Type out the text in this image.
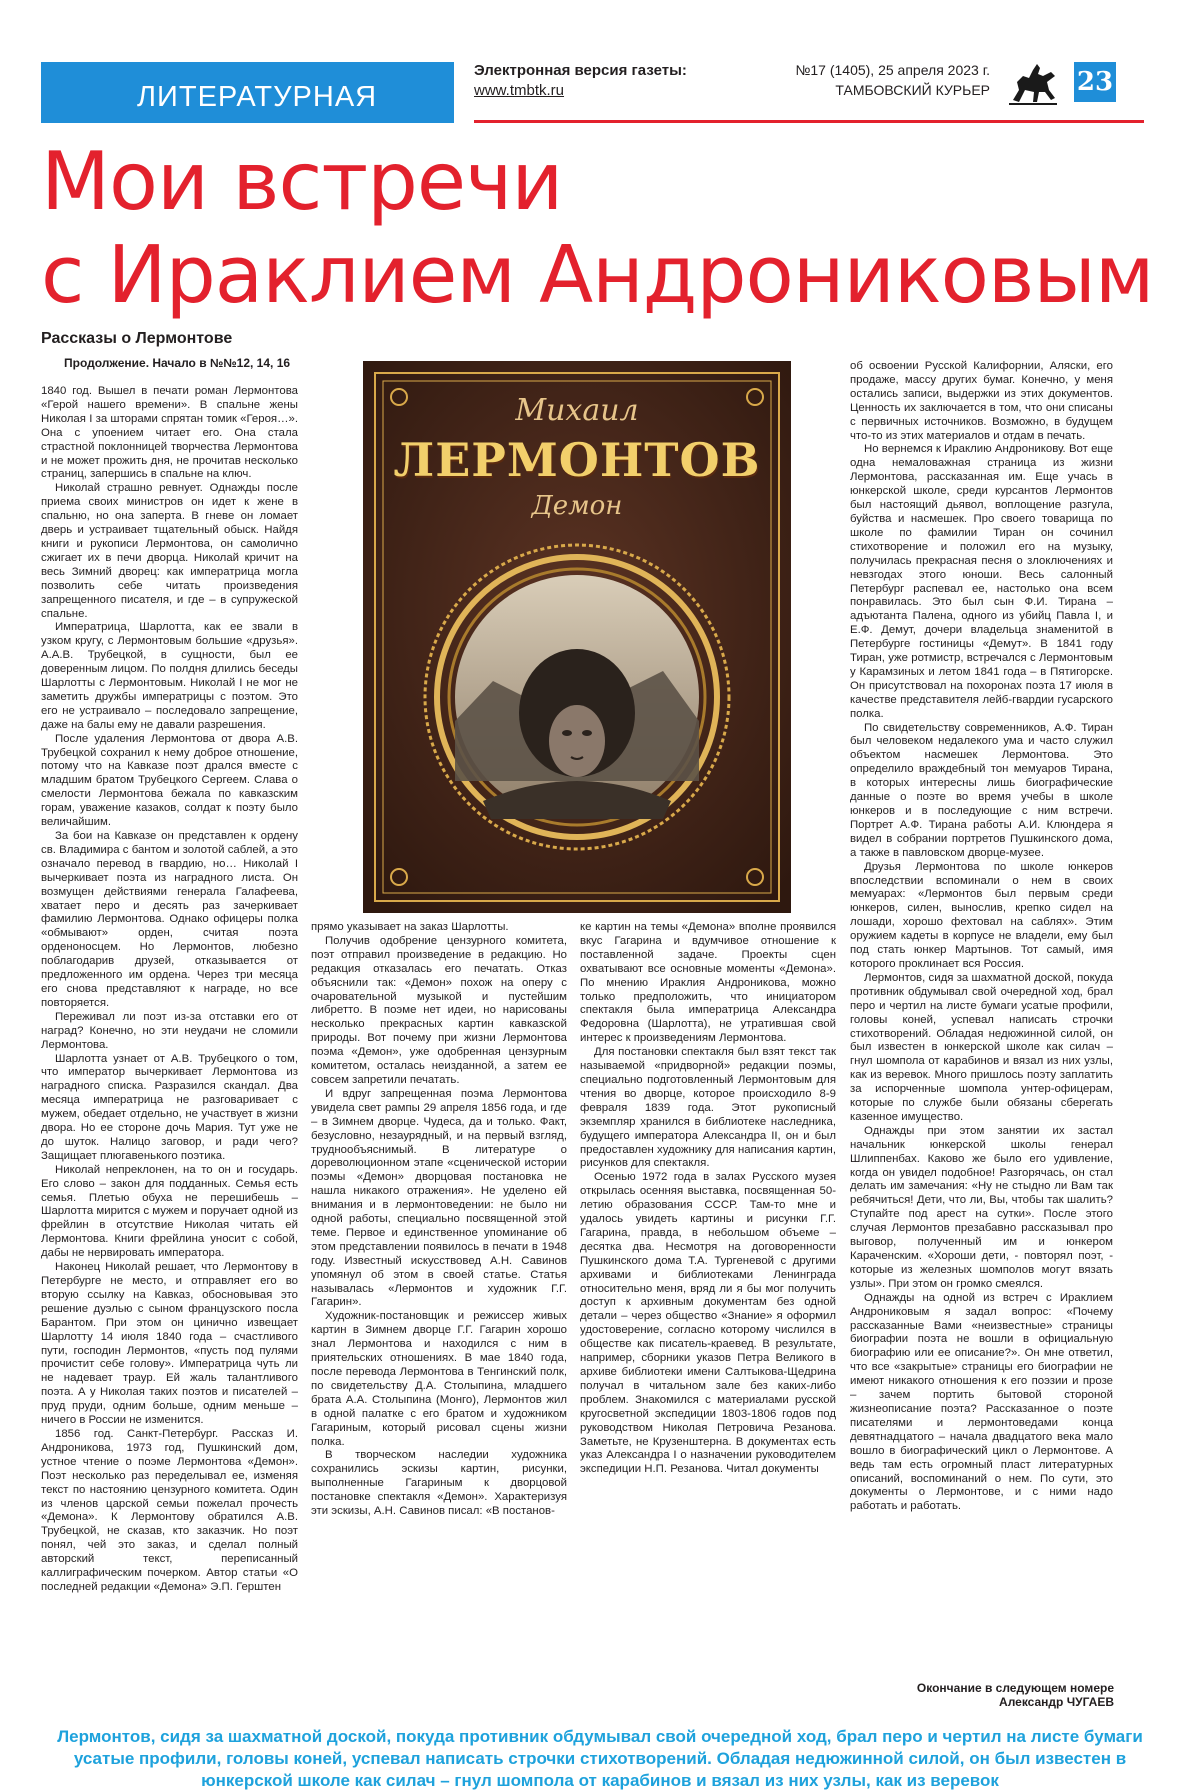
ЛИТЕРАТУРНАЯ
Электронная версия газеты:
www.tmbtk.ru
№17 (1405), 25 апреля 2023 г.
ТАМБОВСКИЙ КУРЬЕР	23
Мои встречи
с Ираклием Андрониковым
Рассказы о Лермонтове
Продолжение. Начало в №№12, 14, 16

1840 год. Вышел в печати роман Лермонтова «Герой нашего времени». В спальне жены Николая I за шторами спрятан томик «Героя…». Она с упоением читает его. Она стала страстной поклонницей творчества Лермонтова и не может прожить дня, не прочитав несколько страниц, запершись в спальне на ключ.

Николай страшно ревнует. Однажды после приема своих министров он идет к жене в спальню, но она заперта. В гневе он ломает дверь и устраивает тщательный обыск. Найдя книги и рукописи Лермонтова, он самолично сжигает их в печи дворца. Николай кричит на весь Зимний дворец: как императрица могла позволить себе читать произведения запрещенного писателя, и где – в супружеской спальне.

Императрица, Шарлотта, как ее звали в узком кругу, с Лермонтовым большие «друзья». А.А.В. Трубецкой, в сущности, был ее доверенным лицом. По полдня длились беседы Шарлотты с Лермонтовым. Николай I не мог не заметить дружбы императрицы с поэтом. Это его не устраивало – последовало запрещение, даже на балы ему не давали разрешения.

После удаления Лермонтова от двора А.В. Трубецкой сохранил к нему доброе отношение, потому что на Кавказе поэт дрался вместе с младшим братом Трубецкого Сергеем. Слава о смелости Лермонтова бежала по кавказским горам, уважение казаков, солдат к поэту было величайшим.

За бои на Кавказе он представлен к ордену св. Владимира с бантом и золотой саблей, а это означало перевод в гвардию, но… Николай I вычеркивает поэта из наградного листа. Он возмущен действиями генерала Галафеева, хватает перо и десять раз зачеркивает фамилию Лермонтова. Однако офицеры полка «обмывают» орден, считая поэта орденоносцем. Но Лермонтов, любезно поблагодарив друзей, отказывается от предложенного им ордена. Через три месяца его снова представляют к награде, но все повторяется.

Переживал ли поэт из-за отставки его от наград? Конечно, но эти неудачи не сломили Лермонтова.

Шарлотта узнает от А.В. Трубецкого о том, что император вычеркивает Лермонтова из наградного списка. Разразился скандал. Два месяца императрица не разговаривает с мужем, обедает отдельно, не участвует в жизни двора. Но ее стороне дочь Мария. Тут уже не до шуток. Налицо заговор, и ради чего? Защищает плюгавенького поэтика.

Николай непреклонен, на то он и государь. Его слово – закон для подданных. Семья есть семья. Плетью обуха не перешибешь – Шарлотта мирится с мужем и поручает одной из фрейлин в отсутствие Николая читать ей Лермонтова. Книги фрейлина уносит с собой, дабы не нервировать императора.

Наконец Николай решает, что Лермонтову в Петербурге не место, и отправляет его во вторую ссылку на Кавказ, обосновывая это решение дуэлью с сыном французского посла Барантом. При этом он цинично извещает Шарлотту 14 июля 1840 года – счастливого пути, господин Лермонтов, «пусть под пулями прочистит себе голову». Императрица чуть ли не надевает траур. Ей жаль талантливого поэта. А у Николая таких поэтов и писателей – пруд пруди, одним больше, одним меньше – ничего в России не изменится.

1856 год. Санкт-Петербург. Рассказ И. Андроникова, 1973 год, Пушкинский дом, устное чтение о поэме Лермонтова «Демон». Поэт несколько раз переделывал ее, изменяя текст по настоянию цензурного комитета. Один из членов царской семьи пожелал прочесть «Демона». К Лермонтову обратился А.В. Трубецкой, не сказав, кто заказчик. Но поэт понял, чей это заказ, и сделал полный авторский текст, переписанный каллиграфическим почерком. Автор статьи «О последней редакции «Демона» Э.П. Герштен

прямо указывает на заказ Шарлотты.

Получив одобрение цензурного комитета, поэт отправил произведение в редакцию. Но редакция отказалась его печатать. Отказ объяснили так: «Демон» похож на оперу с очаровательной музыкой и пустейшим либретто. В поэме нет идеи, но нарисованы несколько прекрасных картин кавказской природы. Вот почему при жизни Лермонтова поэма «Демон», уже одобренная цензурным комитетом, осталась неизданной, а затем ее совсем запретили печатать.

И вдруг запрещенная поэма Лермонтова увидела свет рампы 29 апреля 1856 года, и где – в Зимнем дворце. Чудеса, да и только. Факт, безусловно, незаурядный, и на первый взгляд, труднообъяснимый. В литературе о дореволюционном этапе «сценической истории поэмы «Демон» дворцовая постановка не нашла никакого отражения». Не уделено ей внимания и в лермонтоведении: не было ни одной работы, специально посвященной этой теме. Первое и единственное упоминание об этом представлении появилось в печати в 1948 году. Известный искусствовед А.Н. Савинов упомянул об этом в своей статье. Статья называлась «Лермонтов и художник Г.Г. Гагарин».

Художник-постановщик и режиссер живых картин в Зимнем дворце Г.Г. Гагарин хорошо знал Лермонтова и находился с ним в приятельских отношениях. В мае 1840 года, после перевода Лермонтова в Тенгинский полк, по свидетельству Д.А. Столыпина, младшего брата А.А. Столыпина (Монго), Лермонтов жил в одной палатке с его братом и художником Гагариным, который рисовал сцены жизни полка.

В творческом наследии художника сохранились эскизы картин, рисунки, выполненные Гагариным к дворцовой постановке спектакля «Демон». Характеризуя эти эскизы, А.Н. Савинов писал: «В постанов-

ке картин на темы «Демона» вполне проявился вкус Гагарина и вдумчивое отношение к поставленной задаче. Проекты сцен охватывают все основные моменты «Демона». По мнению Ираклия Андроникова, можно только предположить, что инициатором спектакля была императрица Александра Федоровна (Шарлотта), не утратившая свой интерес к произведениям Лермонтова.

Для постановки спектакля был взят текст так называемой «придворной» редакции поэмы, специально подготовленный Лермонтовым для чтения во дворце, которое происходило 8-9 февраля 1839 года. Этот рукописный экземпляр хранился в библиотеке наследника, будущего императора Александра II, он и был предоставлен художнику для написания картин, рисунков для спектакля.

Осенью 1972 года в залах Русского музея открылась осенняя выставка, посвященная 50-летию образования СССР. Там-то мне и удалось увидеть картины и рисунки Г.Г. Гагарина, правда, в небольшом объеме – десятка два. Несмотря на договоренности Пушкинского дома Т.А. Тургеневой с другими архивами и библиотеками Ленинграда относительно меня, вряд ли я бы мог получить доступ к архивным документам без одной детали – через общество «Знание» я оформил удостоверение, согласно которому числился в обществе как писатель-краевед. В результате, например, сборники указов Петра Великого в архиве библиотеки имени Салтыкова-Щедрина получал в читальном зале без каких-либо проблем. Знакомился с материалами русской кругосветной экспедиции 1803-1806 годов под руководством Николая Петровича Резанова. Заметьте, не Крузенштерна. В документах есть указ Александра I о назначении руководителем экспедиции Н.П. Резанова. Читал документы

об освоении Русской Калифорнии, Аляски, его продаже, массу других бумаг. Конечно, у меня остались записи, выдержки из этих документов. Ценность их заключается в том, что они списаны с первичных источников. Возможно, в будущем что-то из этих материалов и отдам в печать.

Но вернемся к Ираклию Андроникову. Вот еще одна немаловажная страница из жизни Лермонтова, рассказанная им. Еще учась в юнкерской школе, среди курсантов Лермонтов был настоящий дьявол, воплощение разгула, буйства и насмешек. Про своего товарища по школе по фамилии Тиран он сочинил стихотворение и положил его на музыку, получилась прекрасная песня о злоключениях и невзгодах этого юноши. Весь салонный Петербург распевал ее, настолько она всем понравилась. Это был сын Ф.И. Тирана – адъютанта Палена, одного из убийц Павла I, и Е.Ф. Демут, дочери владельца знаменитой в Петербурге гостиницы «Демут». В 1841 году Тиран, уже ротмистр, встречался с Лермонтовым у Карамзиных и летом 1841 года – в Пятигорске. Он присутствовал на похоронах поэта 17 июля в качестве представителя лейб-гвардии гусарского полка.

По свидетельству современников, А.Ф. Тиран был человеком недалекого ума и часто служил объектом насмешек Лермонтова. Это определило враждебный тон мемуаров Тирана, в которых интересны лишь биографические данные о поэте во время учебы в школе юнкеров и в последующие с ним встречи. Портрет А.Ф. Тирана работы А.И. Клюндера я видел в собрании портретов Пушкинского дома, а также в павловском дворце-музее.

Друзья Лермонтова по школе юнкеров впоследствии вспоминали о нем в своих мемуарах: «Лермонтов был первым среди юнкеров, силен, вынослив, крепко сидел на лошади, хорошо фехтовал на саблях». Этим оружием кадеты в корпусе не владели, ему был под стать юнкер Мартынов. Тот самый, имя которого проклинает вся Россия.

Лермонтов, сидя за шахматной доской, покуда противник обдумывал свой очередной ход, брал перо и чертил на листе бумаги усатые профили, головы коней, успевал написать строчки стихотворений. Обладая недюжинной силой, он был известен в юнкерской школе как силач – гнул шомпола от карабинов и вязал из них узлы, как из веревок. Много пришлось поэту заплатить за испорченные шомпола унтер-офицерам, которые по службе были обязаны сберегать казенное имущество.

Однажды при этом занятии их застал начальник юнкерской школы генерал Шлиппенбах. Каково же было его удивление, когда он увидел подобное! Разгорячась, он стал делать им замечания: «Ну не стыдно ли Вам так ребячиться! Дети, что ли, Вы, чтобы так шалить? Ступайте под арест на сутки». После этого случая Лермонтов презабавно рассказывал про выговор, полученный им и юнкером Караченским. «Хороши дети, - повторял поэт, - которые из железных шомполов могут вязать узлы». При этом он громко смеялся.

Однажды на одной из встреч с Ираклием Андрониковым я задал вопрос: «Почему рассказанные Вами «неизвестные» страницы биографии поэта не вошли в официальную биографию или ее описание?». Он мне ответил, что все «закрытые» страницы его биографии не имеют никакого отношения к его поэзии и прозе – зачем портить бытовой стороной жизнеописание поэта? Рассказанное о поэте писателями и лермонтоведами конца девятнадцатого – начала двадцатого века мало вошло в биографический цикл о Лермонтове. А ведь там есть огромный пласт литературных описаний, воспоминаний о нем. По сути, это документы о Лермонтове, и с ними надо работать и работать.

Окончание в следующем номере
Александр ЧУГАЕВ
Михаил
ЛЕРМОНТОВ
Демон
Лермонтов, сидя за шахматной доской, покуда противник обдумывал свой очередной ход, брал перо и чертил на листе бумаги усатые профили, головы коней, успевал написать строчки стихотворений. Обладая недюжинной силой, он был известен в юнкерской школе как силач – гнул шомпола от карабинов и вязал из них узлы, как из веревок
